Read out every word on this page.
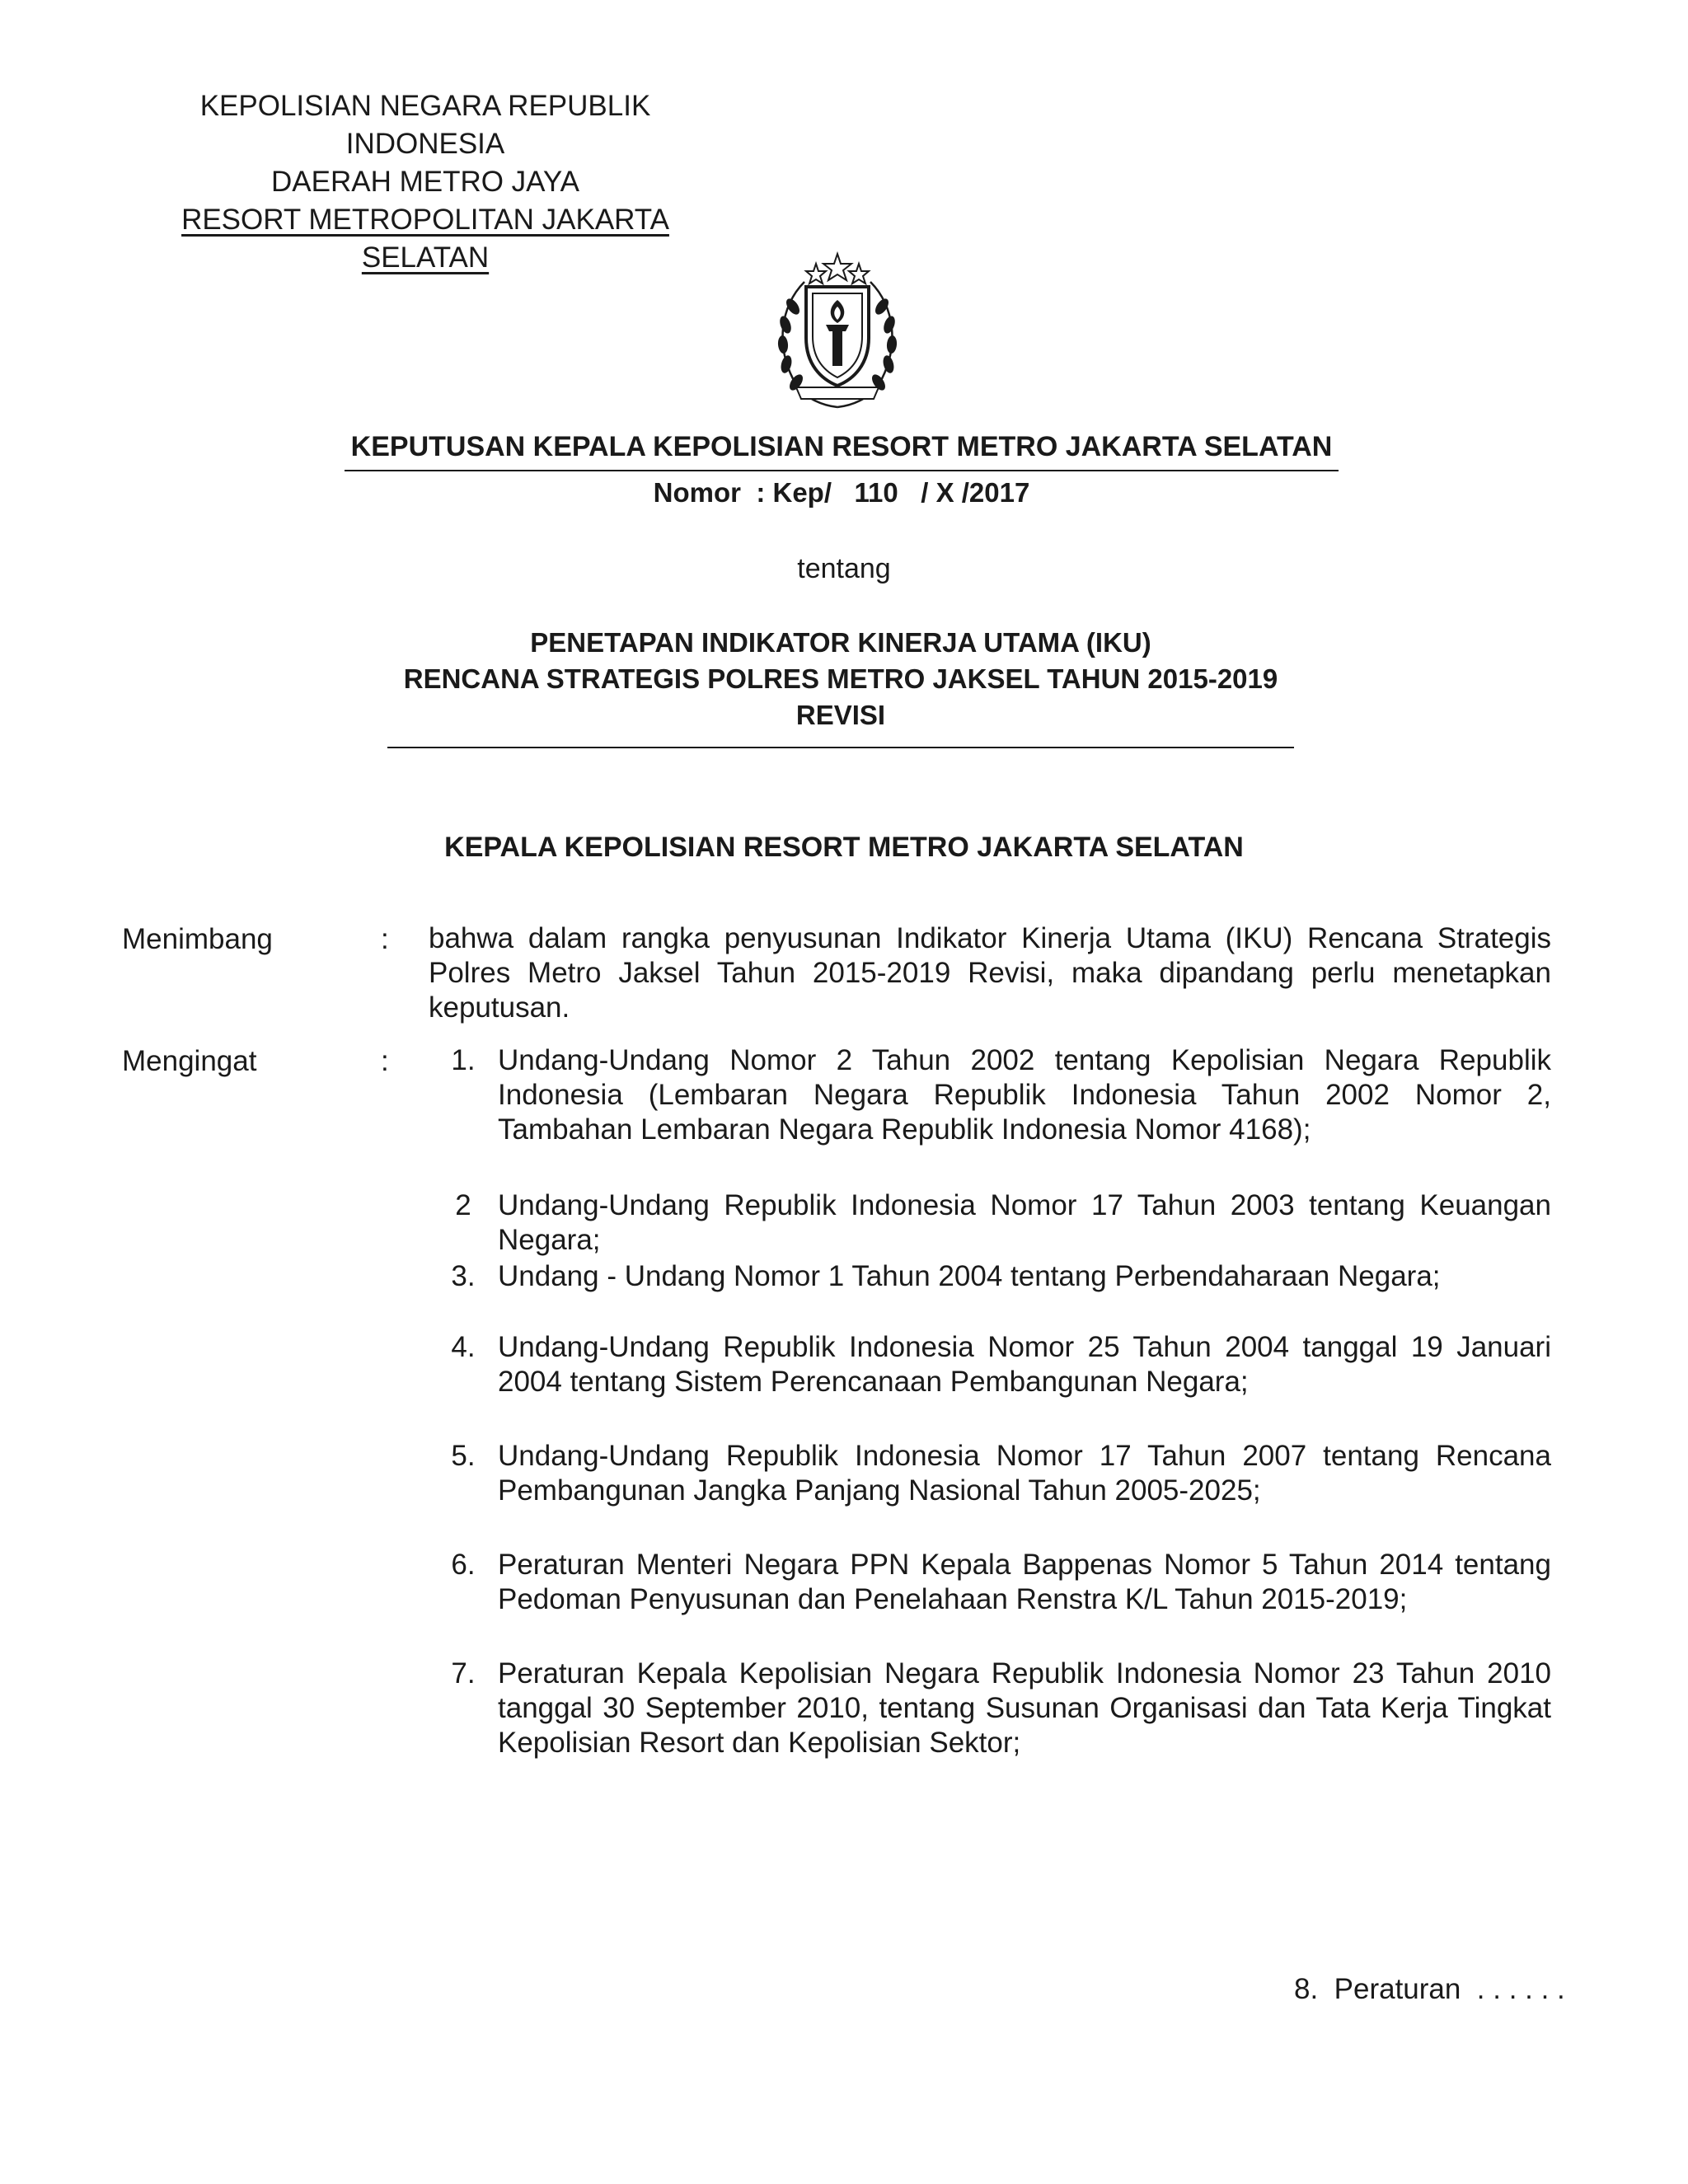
KEPOLISIAN NEGARA REPUBLIK INDONESIA
DAERAH METRO JAYA
RESORT METROPOLITAN JAKARTA SELATAN
KEPUTUSAN KEPALA KEPOLISIAN RESORT METRO JAKARTA SELATAN
Nomor  : Kep/   110   / X /2017
tentang
PENETAPAN INDIKATOR KINERJA UTAMA (IKU)
RENCANA STRATEGIS POLRES METRO JAKSEL TAHUN 2015-2019
REVISI
KEPALA KEPOLISIAN RESORT METRO JAKARTA SELATAN
Menimbang	: bahwa dalam rangka penyusunan Indikator Kinerja Utama (IKU) Rencana Strategis Polres Metro Jaksel Tahun 2015-2019 Revisi, maka dipandang perlu menetapkan keputusan.
Mengingat	:	1. Undang-Undang Nomor 2 Tahun 2002 tentang Kepolisian Negara Republik Indonesia (Lembaran Negara Republik Indonesia Tahun 2002 Nomor 2, Tambahan Lembaran Negara Republik Indonesia Nomor 4168);
2 Undang-Undang Republik Indonesia Nomor 17 Tahun 2003 tentang Keuangan Negara;
3. Undang - Undang Nomor 1 Tahun 2004 tentang Perbendaharaan Negara;
4. Undang-Undang Republik Indonesia Nomor 25 Tahun 2004 tanggal 19 Januari 2004 tentang Sistem Perencanaan Pembangunan Negara;
5. Undang-Undang Republik Indonesia Nomor 17 Tahun 2007 tentang Rencana Pembangunan Jangka Panjang Nasional Tahun 2005-2025;
6. Peraturan Menteri Negara PPN Kepala Bappenas Nomor 5 Tahun 2014 tentang Pedoman Penyusunan dan Penelahaan Renstra K/L Tahun 2015-2019;
7. Peraturan Kepala Kepolisian Negara Republik Indonesia Nomor 23 Tahun 2010 tanggal 30 September 2010, tentang Susunan Organisasi dan Tata Kerja Tingkat Kepolisian Resort dan Kepolisian Sektor;
8.  Peraturan  . . . . . .
